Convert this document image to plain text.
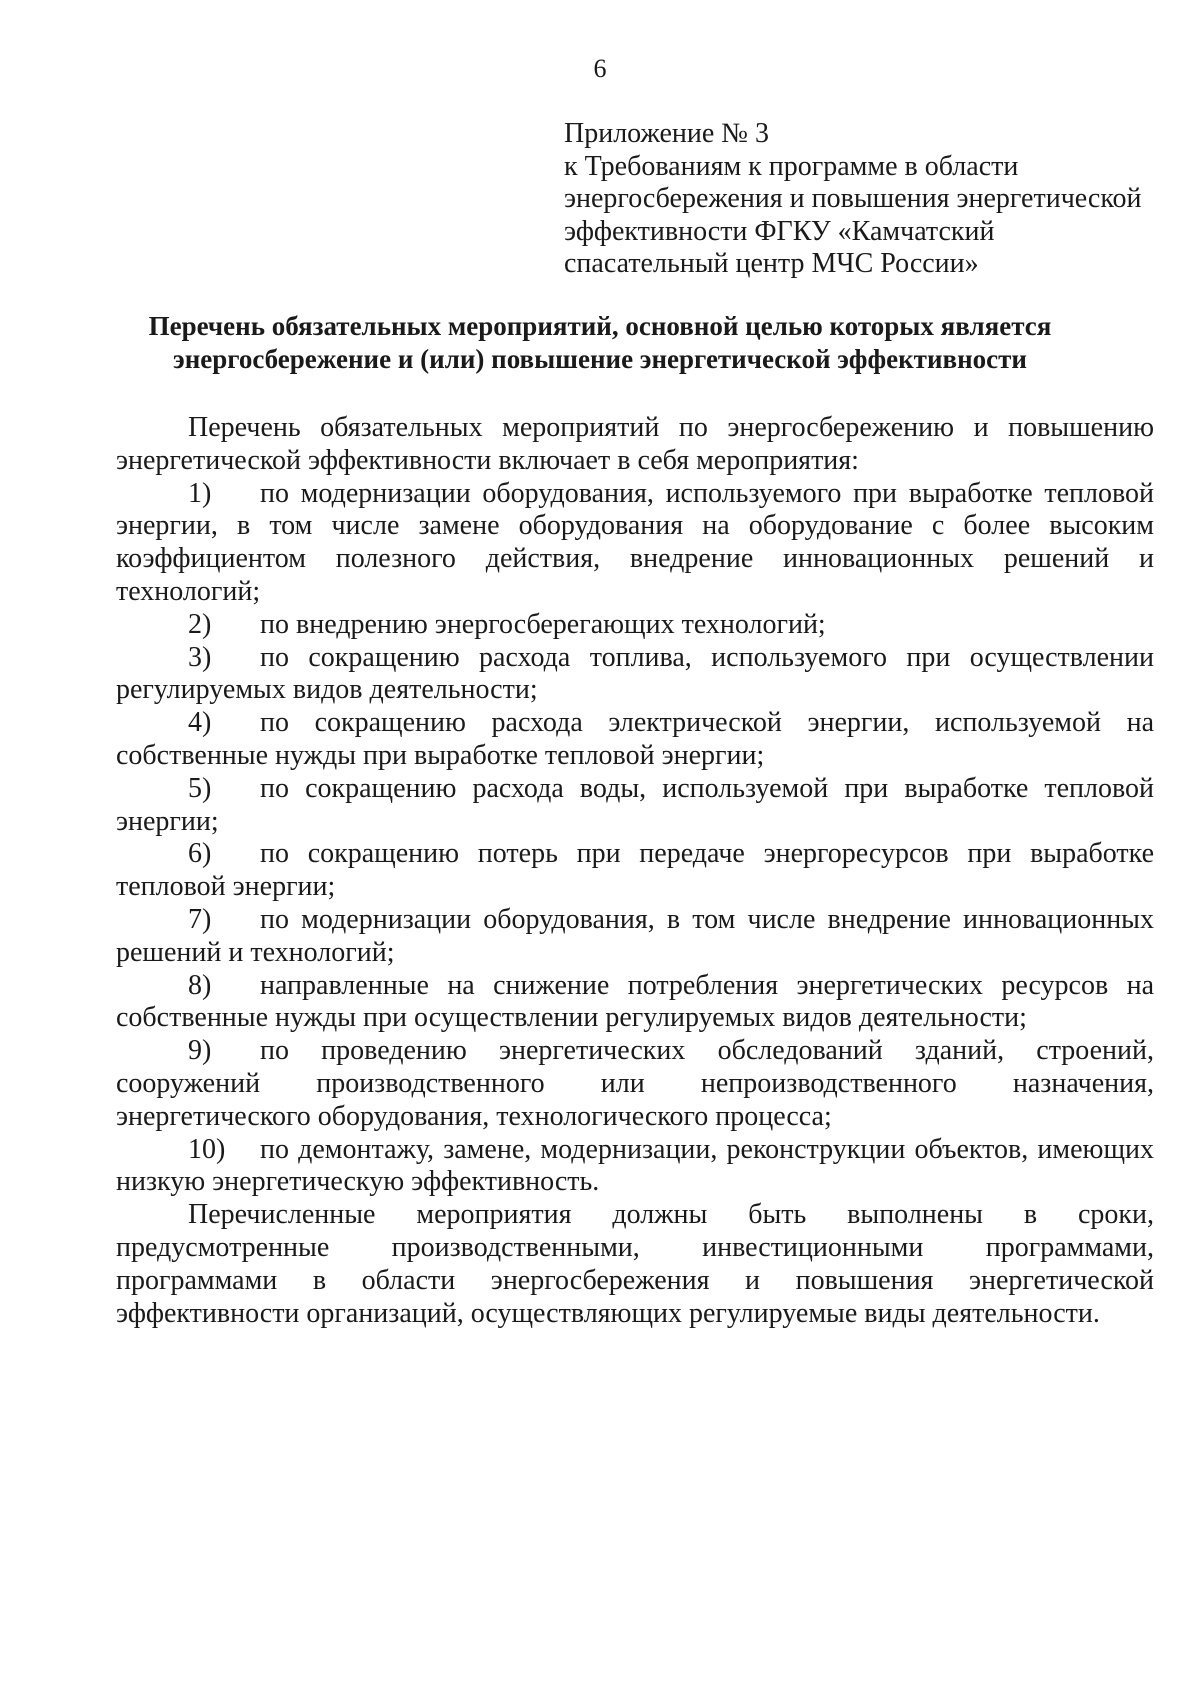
6
Приложение № 3
к Требованиям к программе в области
энергосбережения и повышения энергетической
эффективности ФГКУ «Камчатский
спасательный центр МЧС России»
Перечень обязательных мероприятий, основной целью которых является
энергосбережение и (или) повышение энергетической эффективности

Перечень обязательных мероприятий по энергосбережению и повышению энергетической эффективности включает в себя мероприятия:

1) по модернизации оборудования, используемого при выработке тепловой энергии, в том числе замене оборудования на оборудование с более высоким коэффициентом полезного действия, внедрение инновационных решений и технологий;

2) по внедрению энергосберегающих технологий;

3) по сокращению расхода топлива, используемого при осуществлении регулируемых видов деятельности;

4) по сокращению расхода электрической энергии, используемой на собственные нужды при выработке тепловой энергии;

5) по сокращению расхода воды, используемой при выработке тепловой энергии;

6) по сокращению потерь при передаче энергоресурсов при выработке тепловой энергии;

7) по модернизации оборудования, в том числе внедрение инновационных решений и технологий;

8) направленные на снижение потребления энергетических ресурсов на собственные нужды при осуществлении регулируемых видов деятельности;

9) по проведению энергетических обследований зданий, строений, сооружений производственного или непроизводственного назначения, энергетического оборудования, технологического процесса;

10) по демонтажу, замене, модернизации, реконструкции объектов, имеющих низкую энергетическую эффективность.

Перечисленные мероприятия должны быть выполнены в сроки, предусмотренные производственными, инвестиционными программами, программами в области энергосбережения и повышения энергетической эффективности организаций, осуществляющих регулируемые виды деятельности.
